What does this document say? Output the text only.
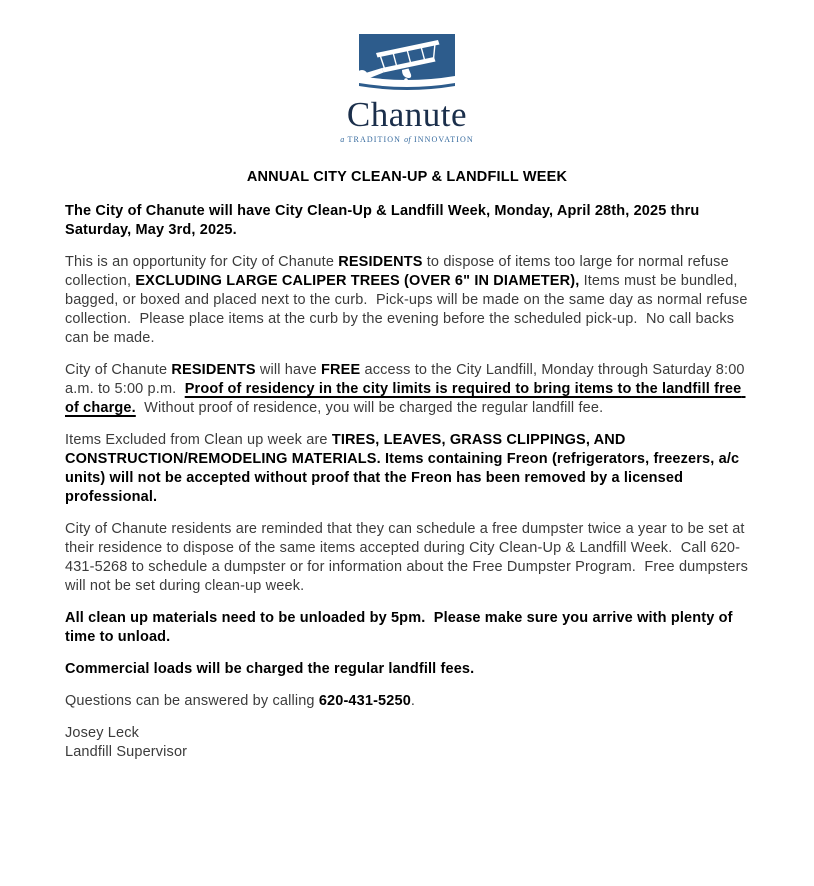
Chanute
a TRADITION of INNOVATION
ANNUAL CITY CLEAN-UP & LANDFILL WEEK

The City of Chanute will have City Clean-Up & Landfill Week, Monday, April 28th, 2025 thru Saturday, May 3rd, 2025.

This is an opportunity for City of Chanute RESIDENTS to dispose of items too large for normal refuse collection, EXCLUDING LARGE CALIPER TREES (OVER 6" IN DIAMETER), Items must be bundled, bagged, or boxed and placed next to the curb.  Pick-ups will be made on the same day as normal refuse collection.  Please place items at the curb by the evening before the scheduled pick-up.  No call backs can be made.

City of Chanute RESIDENTS will have FREE access to the City Landfill, Monday through Saturday 8:00 a.m. to 5:00 p.m.  Proof of residency in the city limits is required to bring items to the landfill free of charge.  Without proof of residence, you will be charged the regular landfill fee.

Items Excluded from Clean up week are TIRES, LEAVES, GRASS CLIPPINGS, AND CONSTRUCTION/REMODELING MATERIALS. Items containing Freon (refrigerators, freezers, a/c units) will not be accepted without proof that the Freon has been removed by a licensed professional.

City of Chanute residents are reminded that they can schedule a free dumpster twice a year to be set at their residence to dispose of the same items accepted during City Clean-Up & Landfill Week.  Call 620-431-5268 to schedule a dumpster or for information about the Free Dumpster Program.  Free dumpsters will not be set during clean-up week.

All clean up materials need to be unloaded by 5pm.  Please make sure you arrive with plenty of time to unload.

Commercial loads will be charged the regular landfill fees.

Questions can be answered by calling 620-431-5250.

Josey Leck
Landfill Supervisor
